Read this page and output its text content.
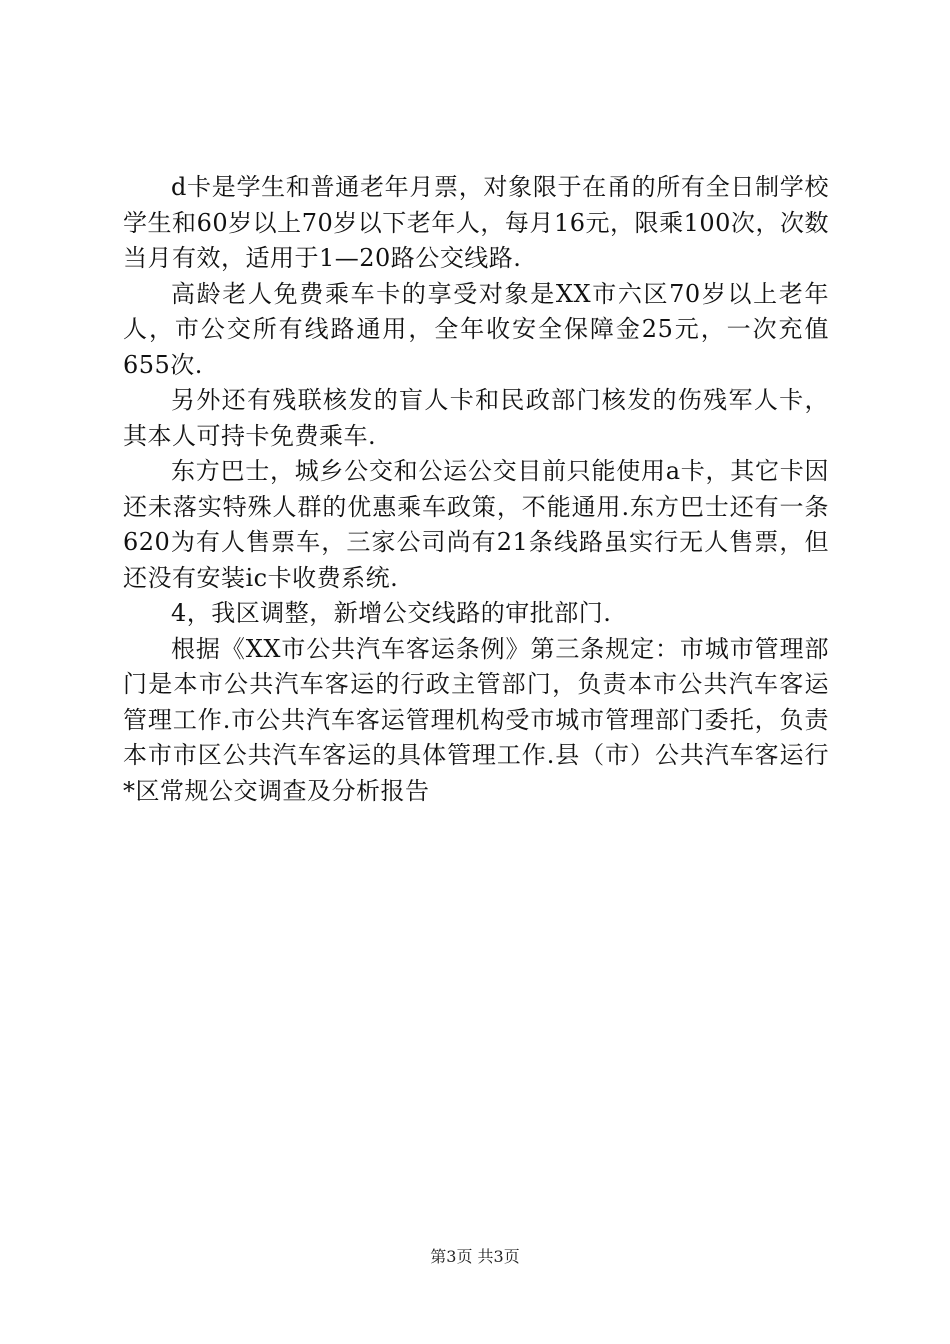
d卡是学生和普通老年月票，对象限于在甬的所有全日制学校学生和60岁以上70岁以下老年人，每月16元，限乘100次，次数当月有效，适用于1—20路公交线路.

高龄老人免费乘车卡的享受对象是XX市六区70岁以上老年人，市公交所有线路通用，全年收安全保障金25元，一次充值655次.

另外还有残联核发的盲人卡和民政部门核发的伤残军人卡，其本人可持卡免费乘车.

东方巴士，城乡公交和公运公交目前只能使用a卡，其它卡因还未落实特殊人群的优惠乘车政策，不能通用.东方巴士还有一条620为有人售票车，三家公司尚有21条线路虽实行无人售票，但还没有安装ic卡收费系统.

4，我区调整，新增公交线路的审批部门.

根据《XX市公共汽车客运条例》第三条规定：市城市管理部门是本市公共汽车客运的行政主管部门，负责本市公共汽车客运管理工作.市公共汽车客运管理机构受市城市管理部门委托，负责本市市区公共汽车客运的具体管理工作.县（市）公共汽车客运行*区常规公交调查及分析报告

第3页 共3页
